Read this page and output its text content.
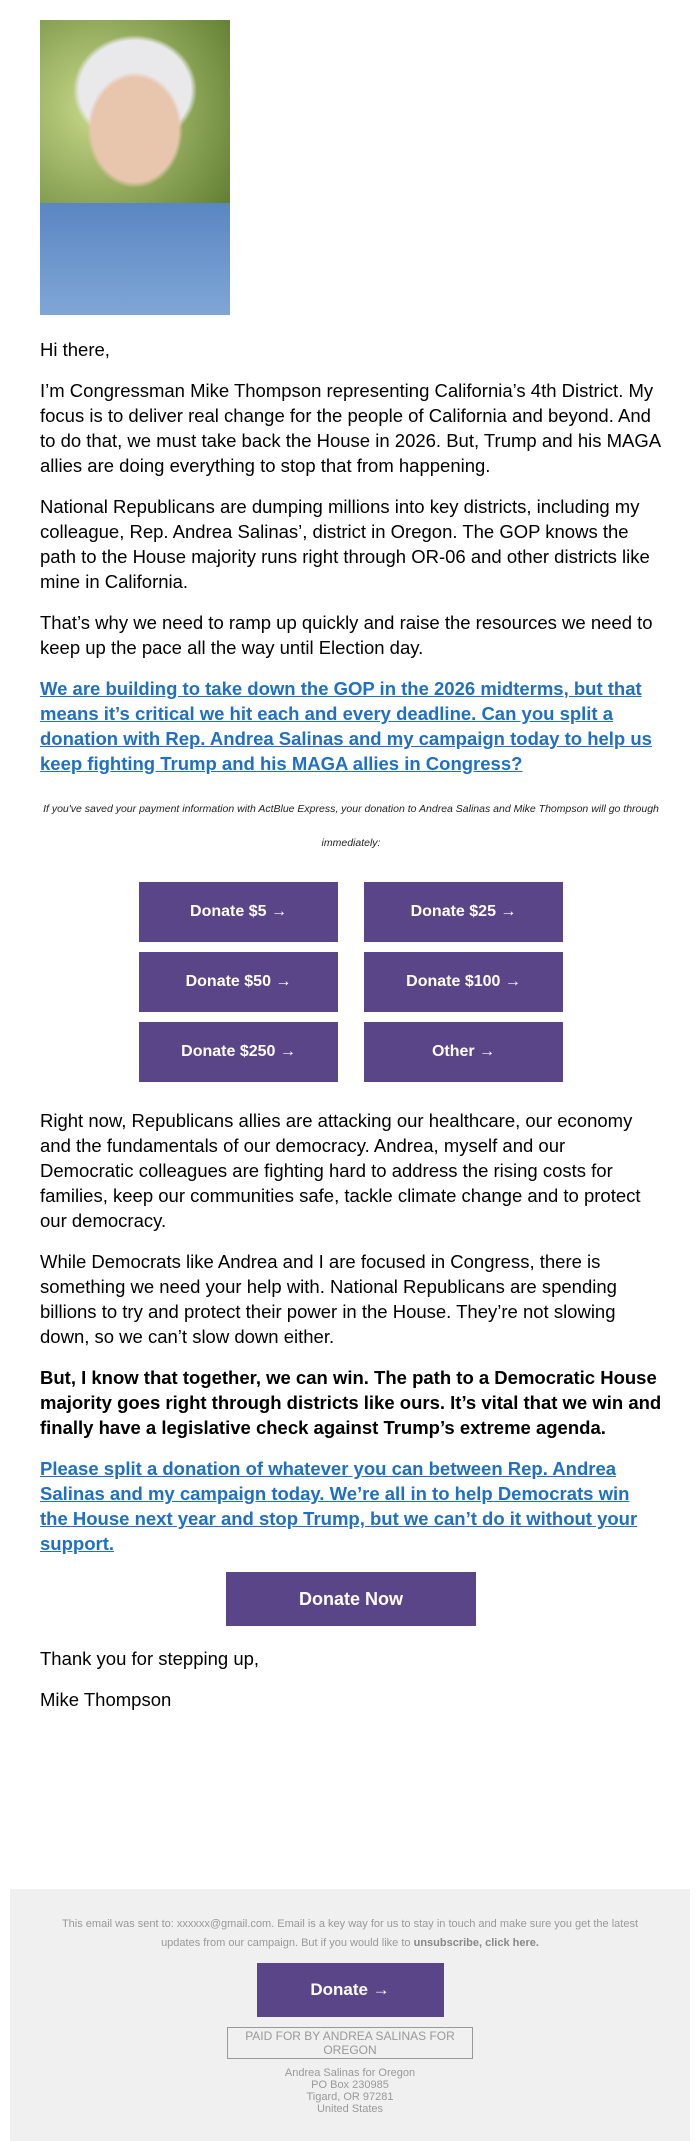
Hi there,

I’m Congressman Mike Thompson representing California’s 4th District. My focus is to deliver real change for the people of California and beyond. And to do that, we must take back the House in 2026. But, Trump and his MAGA allies are doing everything to stop that from happening.

National Republicans are dumping millions into key districts, including my colleague, Rep. Andrea Salinas’, district in Oregon. The GOP knows the path to the House majority runs right through OR-06 and other districts like mine in California.

That’s why we need to ramp up quickly and raise the resources we need to keep up the pace all the way until Election day.

We are building to take down the GOP in the 2026 midterms, but that means it’s critical we hit each and every deadline. Can you split a donation with Rep. Andrea Salinas and my campaign today to help us keep fighting Trump and his MAGA allies in Congress?

If you've saved your payment information with ActBlue Express, your donation to Andrea Salinas and Mike Thompson will go through immediately:
Donate $5 →	Donate $25 →
Donate $50 →	Donate $100 →
Donate $250 →	Other →

Right now, Republicans allies are attacking our healthcare, our economy and the fundamentals of our democracy. Andrea, myself and our Democratic colleagues are fighting hard to address the rising costs for families, keep our communities safe, tackle climate change and to protect our democracy.

While Democrats like Andrea and I are focused in Congress, there is something we need your help with. National Republicans are spending billions to try and protect their power in the House. They’re not slowing down, so we can’t slow down either.

But, I know that together, we can win. The path to a Democratic House majority goes right through districts like ours. It’s vital that we win and finally have a legislative check against Trump’s extreme agenda.

Please split a donation of whatever you can between Rep. Andrea Salinas and my campaign today. We’re all in to help Democrats win the House next year and stop Trump, but we can’t do it without your support.

Donate Now

Thank you for stepping up,

Mike Thompson

This email was sent to: xxxxxx@gmail.com. Email is a key way for us to stay in touch and make sure you get the latest updates from our campaign. But if you would like to unsubscribe, click here.
Donate →
PAID FOR BY ANDREA SALINAS FOR OREGON
Andrea Salinas for Oregon
PO Box 230985
Tigard, OR 97281
United States
